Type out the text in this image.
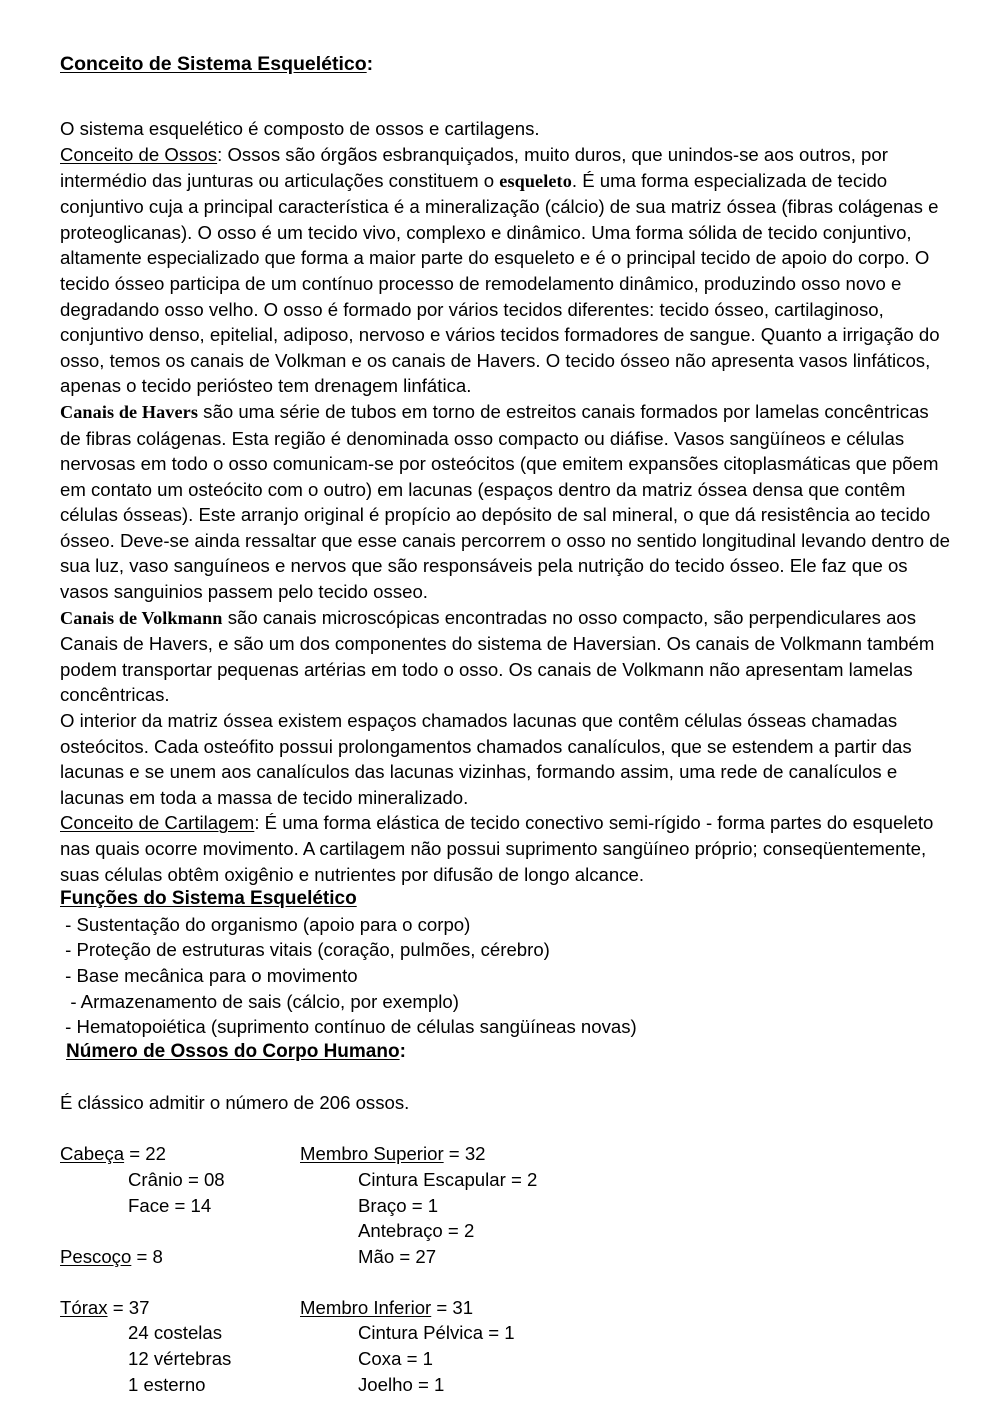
Conceito de Sistema Esquelético:

O sistema esquelético é composto de ossos e cartilagens.

Conceito de Ossos: Ossos são órgãos esbranquiçados, muito duros, que unindos-se aos outros, por intermédio das junturas ou articulações constituem o esqueleto. É uma forma especializada de tecido conjuntivo cuja a principal característica é a mineralização (cálcio) de sua matriz óssea (fibras colágenas e proteoglicanas). O osso é um tecido vivo, complexo e dinâmico. Uma forma sólida de tecido conjuntivo, altamente especializado que forma a maior parte do esqueleto e é o principal tecido de apoio do corpo. O tecido ósseo participa de um contínuo processo de remodelamento dinâmico, produzindo osso novo e degradando osso velho. O osso é formado por vários tecidos diferentes: tecido ósseo, cartilaginoso, conjuntivo denso, epitelial, adiposo, nervoso e vários tecidos formadores de sangue. Quanto a irrigação do osso, temos os canais de Volkman e os canais de Havers. O tecido ósseo não apresenta vasos linfáticos, apenas o tecido periósteo tem drenagem linfática.

Canais de Havers são uma série de tubos em torno de estreitos canais formados por lamelas concêntricas de fibras colágenas. Esta região é denominada osso compacto ou diáfise. Vasos sangüíneos e células nervosas em todo o osso comunicam-se por osteócitos (que emitem expansões citoplasmáticas que põem em contato um osteócito com o outro) em lacunas (espaços dentro da matriz óssea densa que contêm células ósseas). Este arranjo original é propício ao depósito de sal mineral, o que dá resistência ao tecido ósseo. Deve-se ainda ressaltar que esse canais percorrem o osso no sentido longitudinal levando dentro de sua luz, vaso sanguíneos e nervos que são responsáveis pela nutrição do tecido ósseo. Ele faz que os vasos sanguinios passem pelo tecido osseo.

Canais de Volkmann são canais microscópicas encontradas no osso compacto, são perpendiculares aos Canais de Havers, e são um dos componentes do sistema de Haversian. Os canais de Volkmann também podem transportar pequenas artérias em todo o osso. Os canais de Volkmann não apresentam lamelas concêntricas.

O interior da matriz óssea existem espaços chamados lacunas que contêm células ósseas chamadas osteócitos. Cada osteófito possui prolongamentos chamados canalículos, que se estendem a partir das lacunas e se unem aos canalículos das lacunas vizinhas, formando assim, uma rede de canalículos e lacunas em toda a massa de tecido mineralizado.

Conceito de Cartilagem: É uma forma elástica de tecido conectivo semi-rígido - forma partes do esqueleto nas quais ocorre movimento. A cartilagem não possui suprimento sangüíneo próprio; conseqüentemente, suas células obtêm oxigênio e nutrientes por difusão de longo alcance.

Funções do Sistema Esquelético

- Sustentação do organismo (apoio para o corpo)
- Proteção de estruturas vitais (coração, pulmões, cérebro)
- Base mecânica para o movimento
- Armazenamento de sais (cálcio, por exemplo)
- Hematopoiética (suprimento contínuo de células sangüíneas novas)

Número de Ossos do Corpo Humano:

É clássico admitir o número de 206 ossos.

Cabeça = 22
Crânio = 08
Face = 14
Pescoço = 8
Tórax = 37
24 costelas
12 vértebras
1 esterno
Membro Superior = 32
Cintura Escapular = 2
Braço = 1
Antebraço = 2
Mão = 27
Membro Inferior = 31
Cintura Pélvica = 1
Coxa = 1
Joelho = 1
